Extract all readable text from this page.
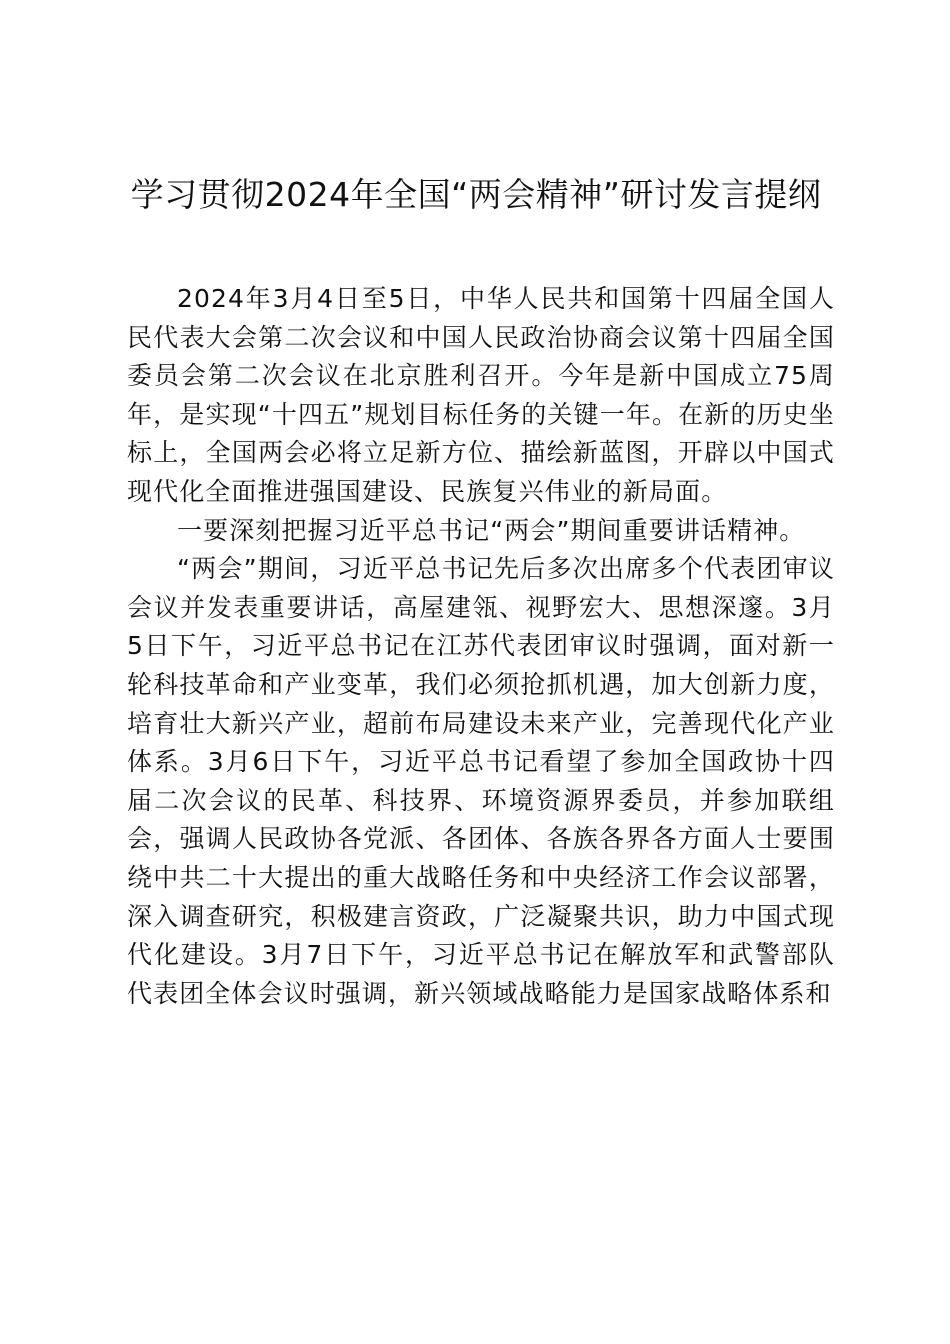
学习贯彻2024年全国“两会精神”研讨发言提纲

2024年3月4日至5日，中华人民共和国第十四届全国人民代表大会第二次会议和中国人民政治协商会议第十四届全国委员会第二次会议在北京胜利召开。今年是新中国成立75周年，是实现“十四五”规划目标任务的关键一年。在新的历史坐标上，全国两会必将立足新方位、描绘新蓝图，开辟以中国式现代化全面推进强国建设、民族复兴伟业的新局面。

一要深刻把握习近平总书记“两会”期间重要讲话精神。

“两会”期间，习近平总书记先后多次出席多个代表团审议会议并发表重要讲话，高屋建瓴、视野宏大、思想深邃。3月5日下午，习近平总书记在江苏代表团审议时强调，面对新一轮科技革命和产业变革，我们必须抢抓机遇，加大创新力度，培育壮大新兴产业，超前布局建设未来产业，完善现代化产业体系。3月6日下午，习近平总书记看望了参加全国政协十四届二次会议的民革、科技界、环境资源界委员，并参加联组会，强调人民政协各党派、各团体、各族各界各方面人士要围绕中共二十大提出的重大战略任务和中央经济工作会议部署，深入调查研究，积极建言资政，广泛凝聚共识，助力中国式现代化建设。3月7日下午，习近平总书记在解放军和武警部队代表团全体会议时强调，新兴领域战略能力是国家战略体系和
